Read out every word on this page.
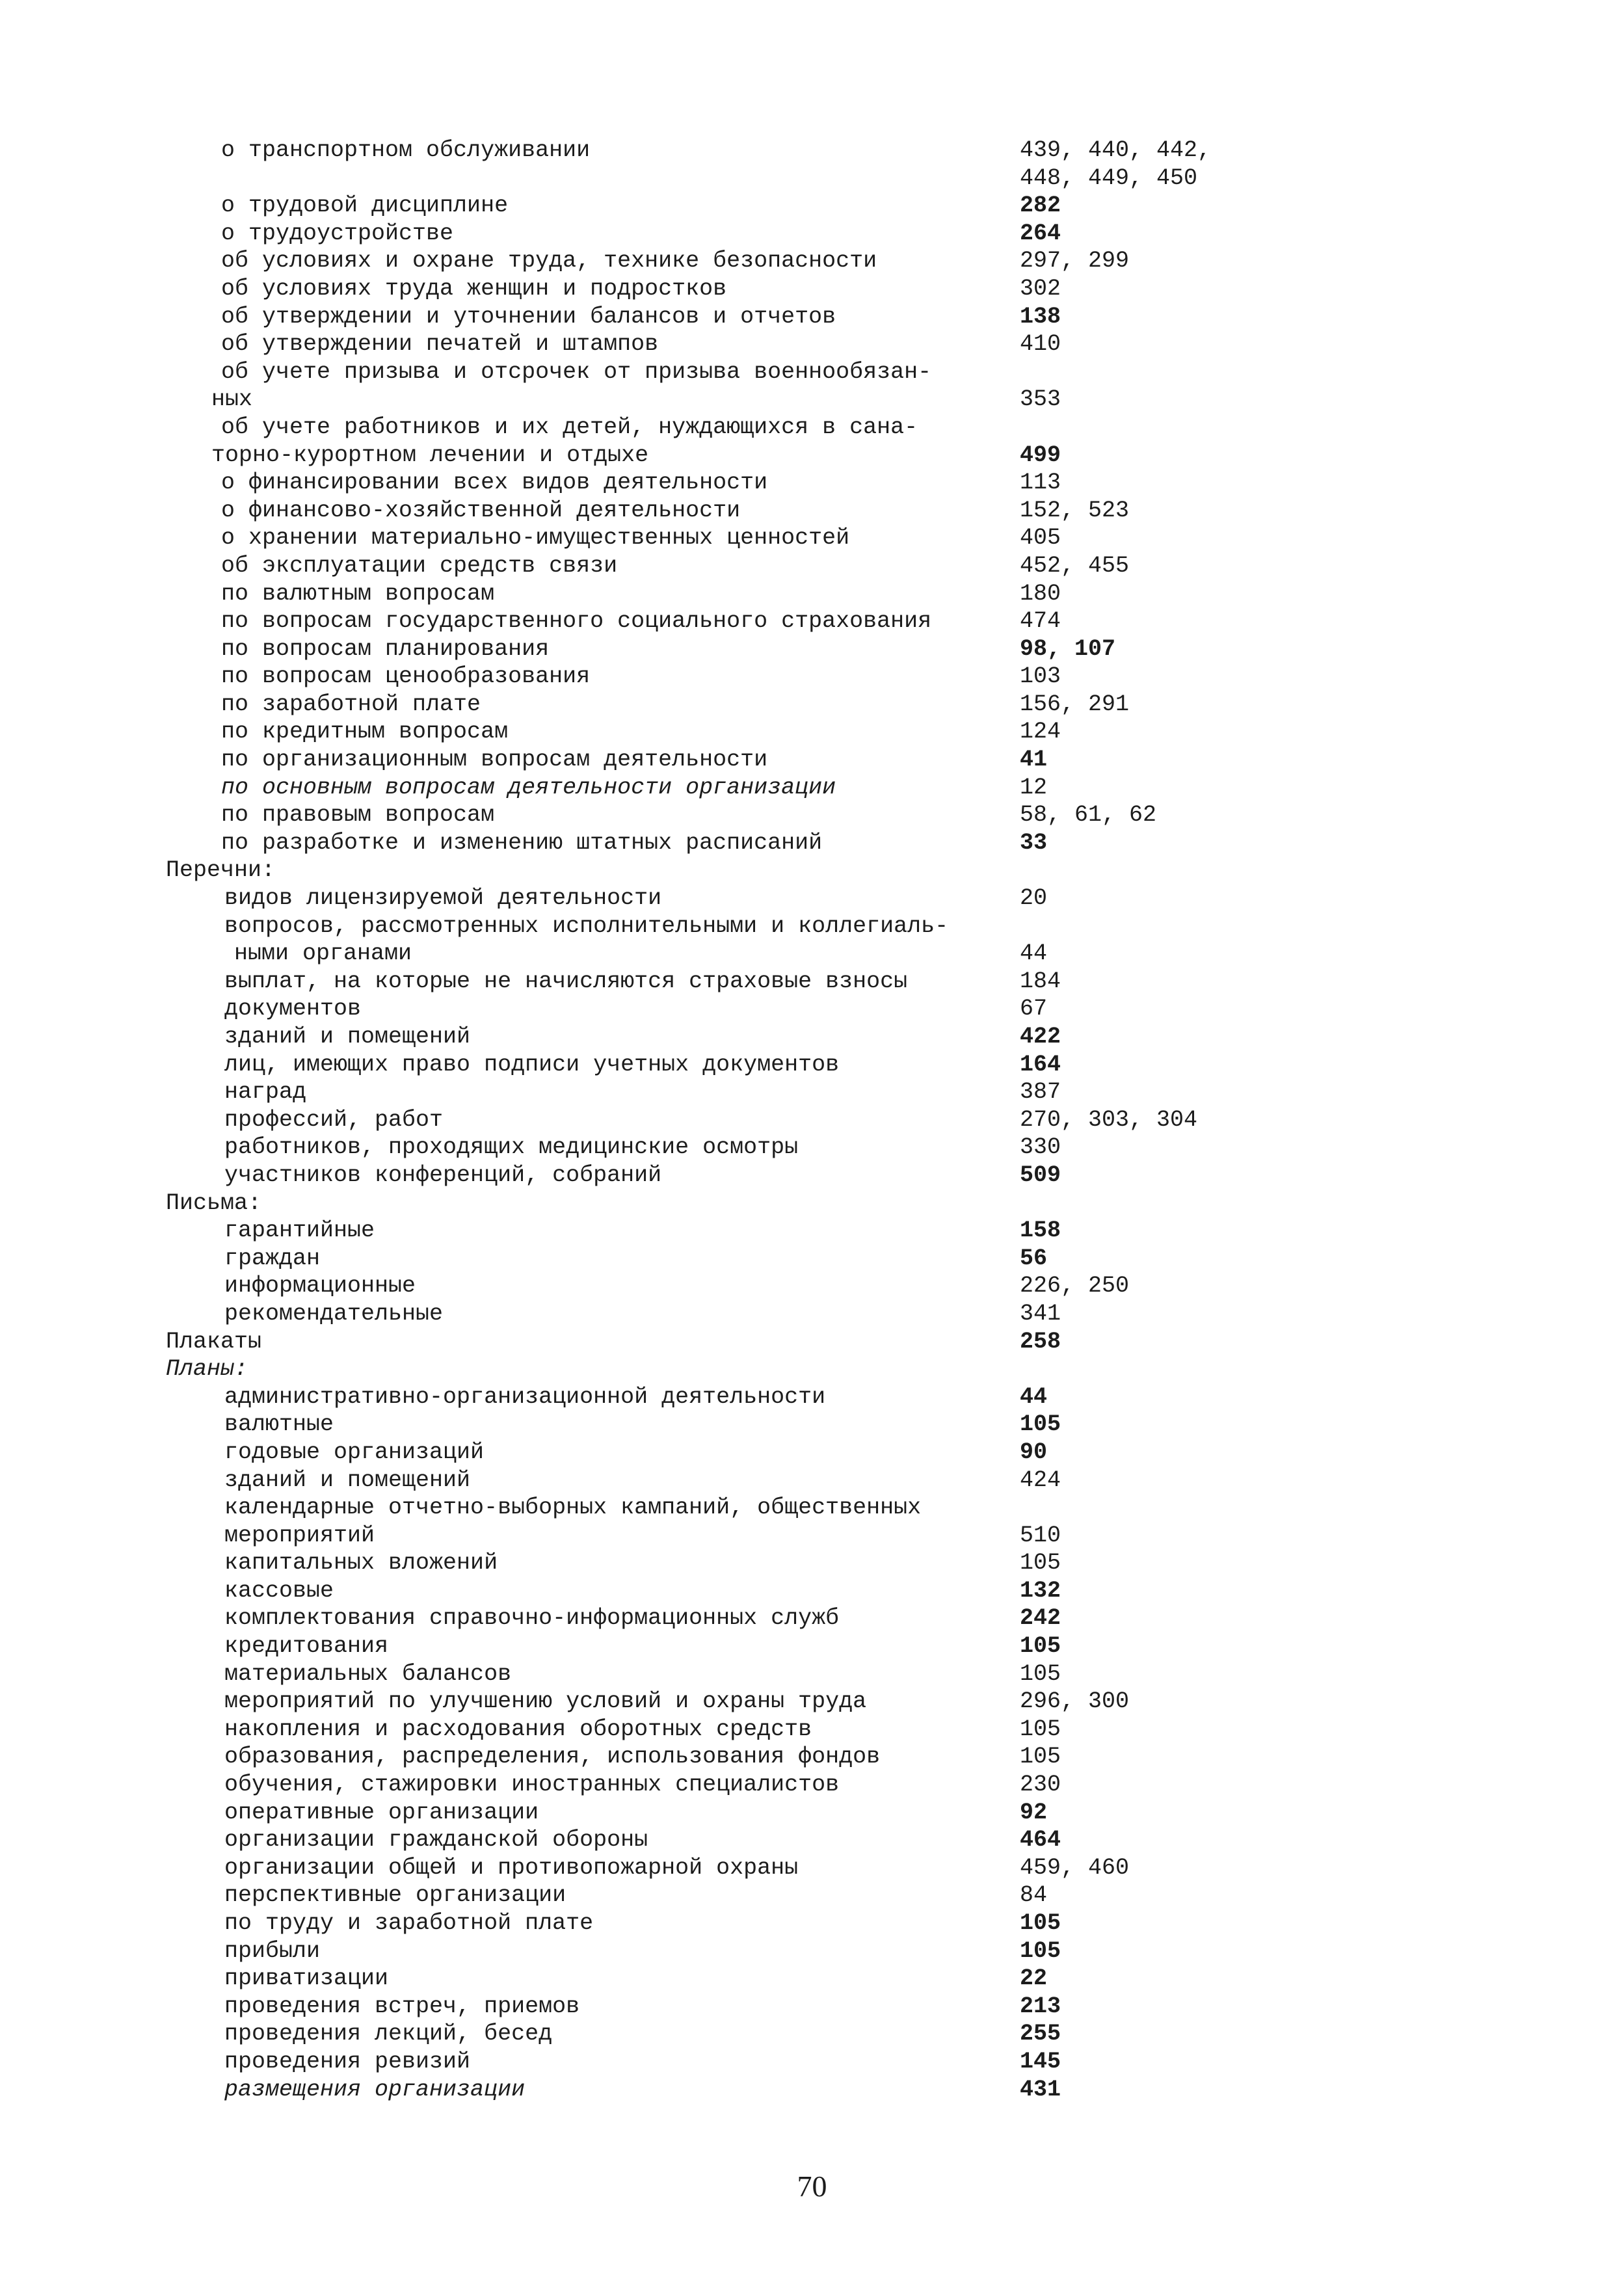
о транспортном обслуживании	439, 440, 442,
448, 449, 450
о трудовой дисциплине	282
о трудоустройстве	264
об условиях и охране труда, технике безопасности	297, 299
об условиях труда женщин и подростков	302
об утверждении и уточнении балансов и отчетов	138
об утверждении печатей и штампов	410
об учете призыва и отсрочек от призыва военнообязан-
ных	353
об учете работников и их детей, нуждающихся в сана-
торно-курортном лечении и отдыхе	499
о финансировании всех видов деятельности	113
о финансово-хозяйственной деятельности	152, 523
о хранении материально-имущественных ценностей	405
об эксплуатации средств связи	452, 455
по валютным вопросам	180
по вопросам государственного социального страхования	474
по вопросам планирования	98, 107
по вопросам ценообразования	103
по заработной плате	156, 291
по кредитным вопросам	124
по организационным вопросам деятельности	41
по основным вопросам деятельности организации	12
по правовым вопросам	58, 61, 62
по разработке и изменению штатных расписаний	33
Перечни:
видов лицензируемой деятельности	20
вопросов, рассмотренных исполнительными и коллегиаль-
ными органами	44
выплат, на которые не начисляются страховые взносы	184
документов	67
зданий и помещений	422
лиц, имеющих право подписи учетных документов	164
наград	387
профессий, работ	270, 303, 304
работников, проходящих медицинские осмотры	330
участников конференций, собраний	509
Письма:
гарантийные	158
граждан	56
информационные	226, 250
рекомендательные	341
Плакаты	258
Планы:
административно-организационной деятельности	44
валютные	105
годовые организаций	90
зданий и помещений	424
календарные отчетно-выборных кампаний, общественных
мероприятий	510
капитальных вложений	105
кассовые	132
комплектования справочно-информационных служб	242
кредитования	105
материальных балансов	105
мероприятий по улучшению условий и охраны труда	296, 300
накопления и расходования оборотных средств	105
образования, распределения, использования фондов	105
обучения, стажировки иностранных специалистов	230
оперативные организации	92
организации гражданской обороны	464
организации общей и противопожарной охраны	459, 460
перспективные организации	84
по труду и заработной плате	105
прибыли	105
приватизации	22
проведения встреч, приемов	213
проведения лекций, бесед	255
проведения ревизий	145
размещения организации	431
70
